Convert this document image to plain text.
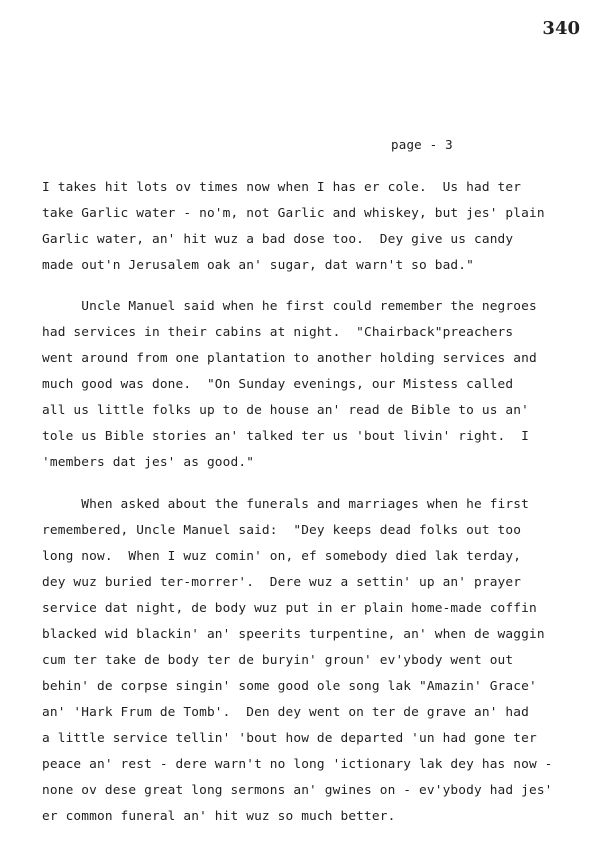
340
page - 3
I takes hit lots ov times now when I has er cole.  Us had ter
take Garlic water - no'm, not Garlic and whiskey, but jes' plain
Garlic water, an' hit wuz a bad dose too.  Dey give us candy
made out'n Jerusalem oak an' sugar, dat warn't so bad."
Uncle Manuel said when he first could remember the negroes
had services in their cabins at night.  "Chairback"preachers
went around from one plantation to another holding services and
much good was done.  "On Sunday evenings, our Mistess called
all us little folks up to de house an' read de Bible to us an'
tole us Bible stories an' talked ter us 'bout livin' right.  I
'members dat jes' as good."
When asked about the funerals and marriages when he first
remembered, Uncle Manuel said:  "Dey keeps dead folks out too
long now.  When I wuz comin' on, ef somebody died lak terday,
dey wuz buried ter-morrer'.  Dere wuz a settin' up an' prayer
service dat night, de body wuz put in er plain home-made coffin
blacked wid blackin' an' speerits turpentine, an' when de waggin
cum ter take de body ter de buryin' groun' ev'ybody went out
behin' de corpse singin' some good ole song lak "Amazin' Grace'
an' 'Hark Frum de Tomb'.  Den dey went on ter de grave an' had
a little service tellin' 'bout how de departed 'un had gone ter
peace an' rest - dere warn't no long 'ictionary lak dey has now -
none ov dese great long sermons an' gwines on - ev'ybody had jes'
er common funeral an' hit wuz so much better.
